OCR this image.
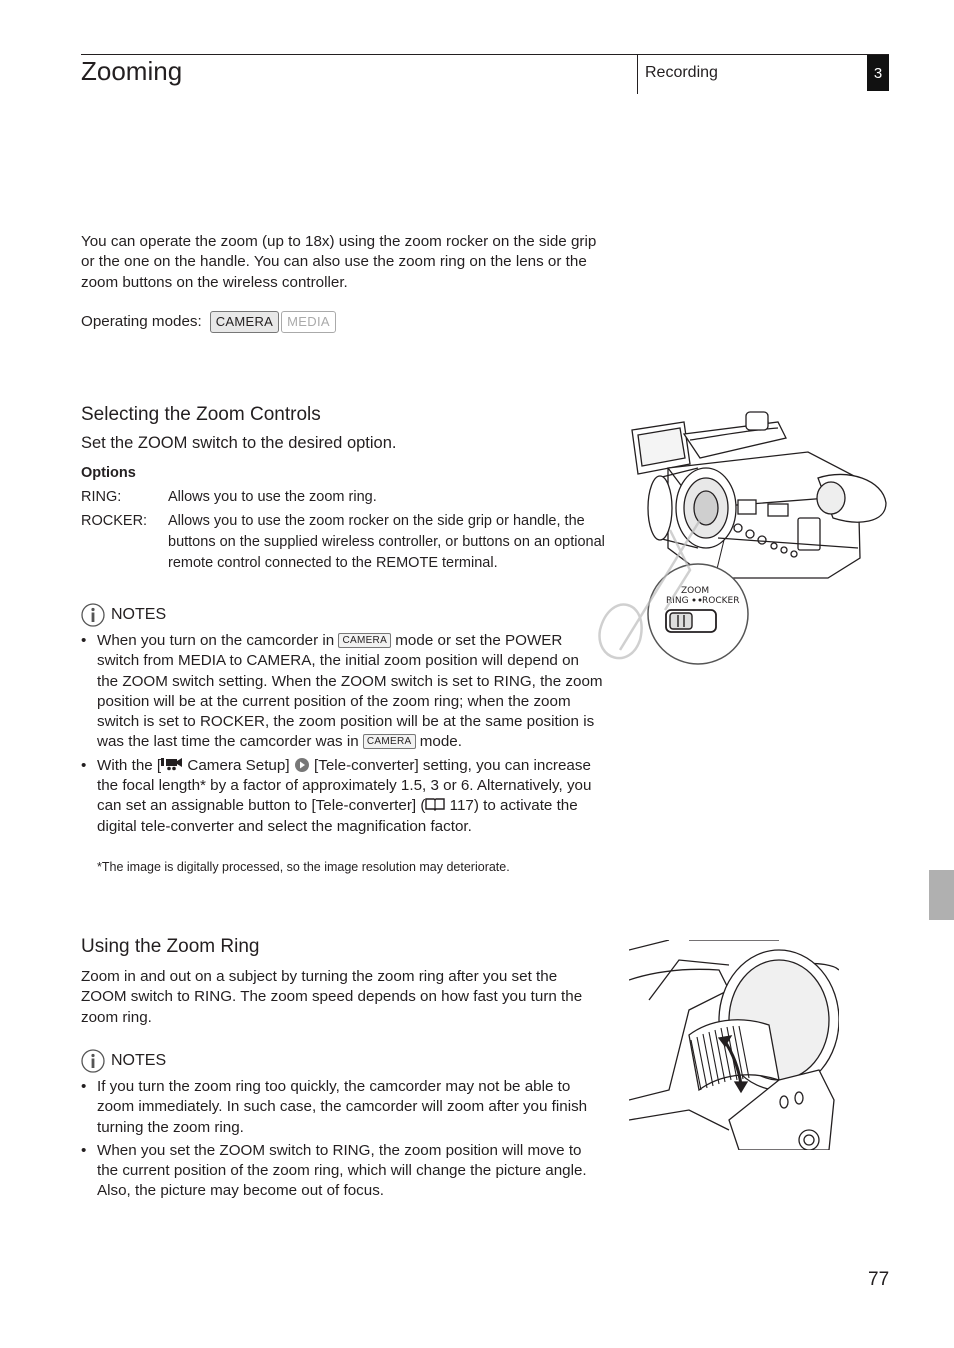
Zooming	Recording	3
You can operate the zoom (up to 18x) using the zoom rocker on the side grip or the one on the handle. You can also use the zoom ring on the lens or the zoom buttons on the wireless controller.
Operating modes:	CAMERA	MEDIA
Selecting the Zoom Controls
Set the ZOOM switch to the desired option.
Options
RING:	Allows you to use the zoom ring.
ROCKER: Allows you to use the zoom rocker on the side grip or handle, the buttons on the supplied wireless controller, or buttons on an optional remote control connected to the REMOTE terminal.
NOTES
• When you turn on the camcorder in CAMERA mode or set the POWER switch from MEDIA to CAMERA, the initial zoom position will depend on the ZOOM switch setting. When the ZOOM switch is set to RING, the zoom position will be at the current position of the zoom ring; when the zoom switch is set to ROCKER, the zoom position will be at the same position is was the last time the camcorder was in CAMERA mode.
• With the [ Camera Setup] [Tele-converter] setting, you can increase the focal length* by a factor of approximately 1.5, 3 or 6. Alternatively, you can set an assignable button to [Tele-converter] ( 117) to activate the digital tele-converter and select the magnification factor.
*The image is digitally processed, so the image resolution may deteriorate.
ZOOM
RING ROCKER
Using the Zoom Ring
Zoom in and out on a subject by turning the zoom ring after you set the ZOOM switch to RING. The zoom speed depends on how fast you turn the zoom ring.
NOTES
• If you turn the zoom ring too quickly, the camcorder may not be able to zoom immediately. In such case, the camcorder will zoom after you finish turning the zoom ring.
• When you set the ZOOM switch to RING, the zoom position will move to the current position of the zoom ring, which will change the picture angle. Also, the picture may become out of focus.
77
